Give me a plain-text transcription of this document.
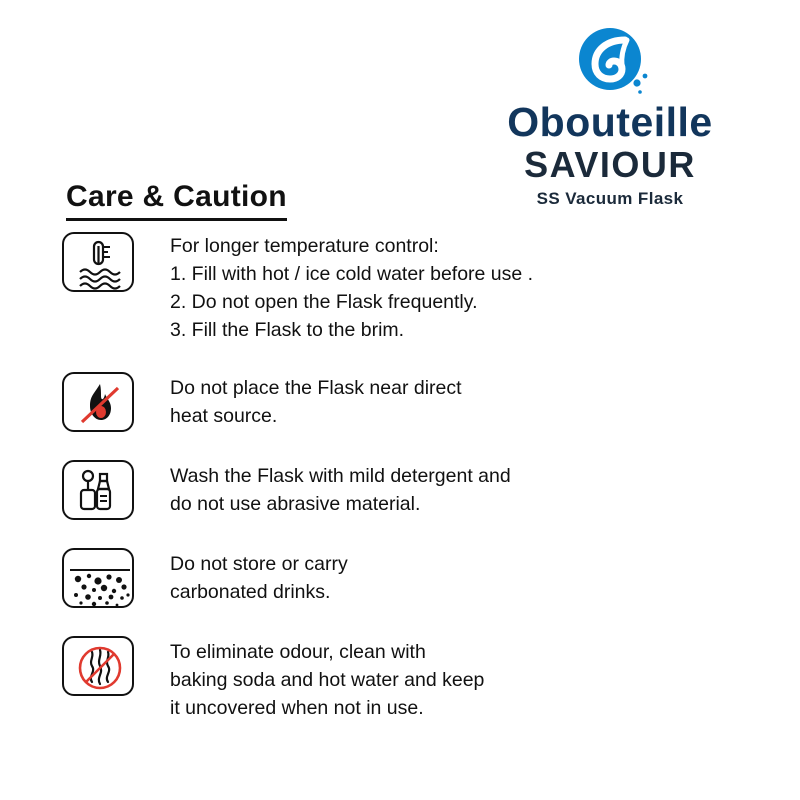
Obouteille
SAVIOUR
SS Vacuum Flask
Care & Caution
For longer temperature control:
1. Fill with hot / ice cold water before use .
2. Do not open the Flask frequently.
3. Fill the Flask to the brim.
Do not place the Flask near direct
heat source.
Wash the Flask with mild detergent and
do not use abrasive material.
Do not store or carry
carbonated drinks.
To eliminate odour, clean with
baking soda and hot water and keep
it uncovered when not in use.
